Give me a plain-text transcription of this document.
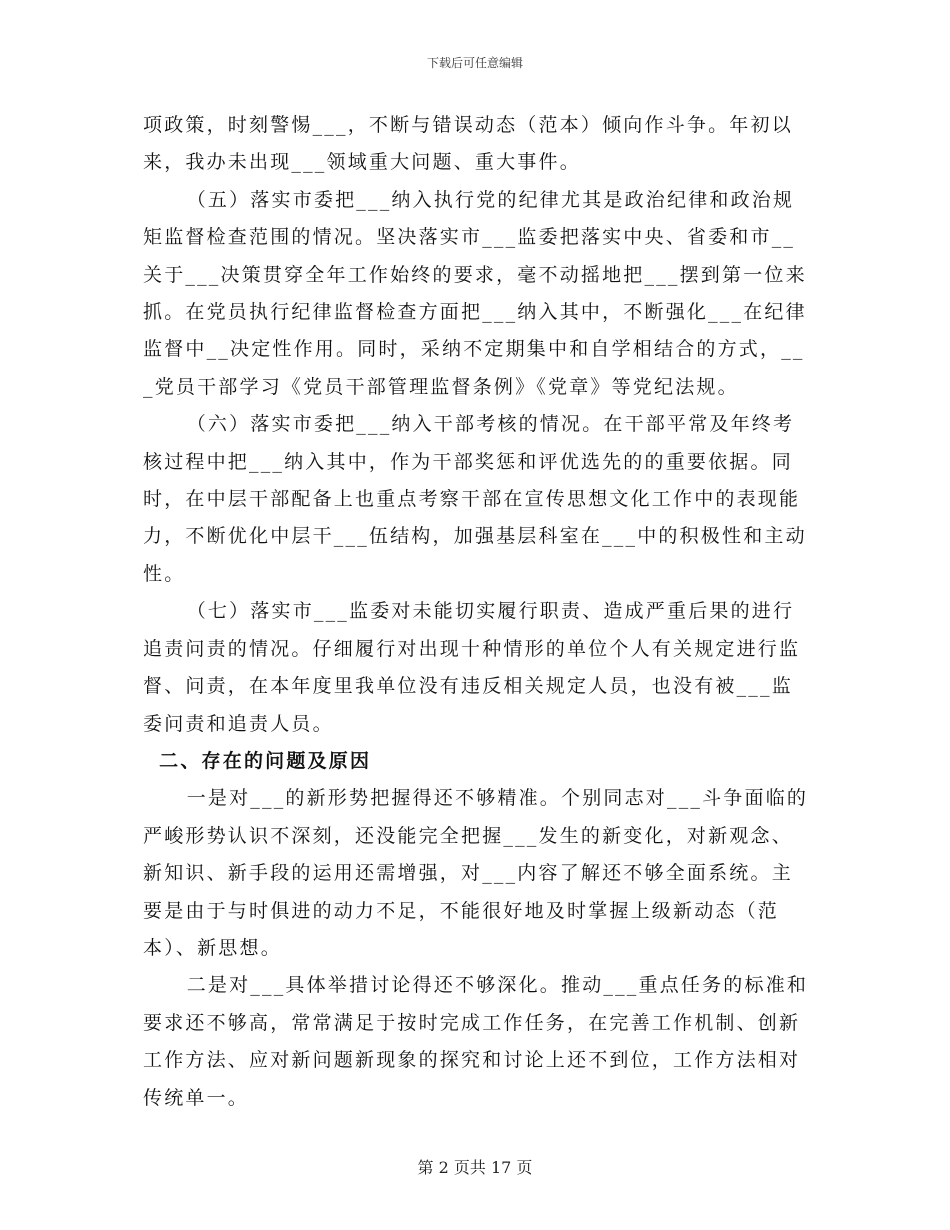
下载后可任意编辑

项政策，时刻警惕___，不断与错误动态（范本）倾向作斗争。年初以来，我办未出现___领域重大问题、重大事件。

（五）落实市委把___纳入执行党的纪律尤其是政治纪律和政治规矩监督检查范围的情况。坚决落实市___监委把落实中央、省委和市__关于___决策贯穿全年工作始终的要求，毫不动摇地把___摆到第一位来抓。在党员执行纪律监督检查方面把___纳入其中，不断强化___在纪律监督中__决定性作用。同时，采纳不定期集中和自学相结合的方式，___党员干部学习《党员干部管理监督条例》《党章》等党纪法规。

（六）落实市委把___纳入干部考核的情况。在干部平常及年终考核过程中把___纳入其中，作为干部奖惩和评优选先的的重要依据。同时，在中层干部配备上也重点考察干部在宣传思想文化工作中的表现能力，不断优化中层干___伍结构，加强基层科室在___中的积极性和主动性。

（七）落实市___监委对未能切实履行职责、造成严重后果的进行追责问责的情况。仔细履行对出现十种情形的单位个人有关规定进行监督、问责，在本年度里我单位没有违反相关规定人员，也没有被___监委问责和追责人员。

二、存在的问题及原因

一是对___的新形势把握得还不够精准。个别同志对___斗争面临的严峻形势认识不深刻，还没能完全把握___发生的新变化，对新观念、新知识、新手段的运用还需增强，对___内容了解还不够全面系统。主要是由于与时俱进的动力不足，不能很好地及时掌握上级新动态（范本）、新思想。

二是对___具体举措讨论得还不够深化。推动___重点任务的标准和要求还不够高，常常满足于按时完成工作任务，在完善工作机制、创新工作方法、应对新问题新现象的探究和讨论上还不到位，工作方法相对传统单一。

第 2 页共 17 页
